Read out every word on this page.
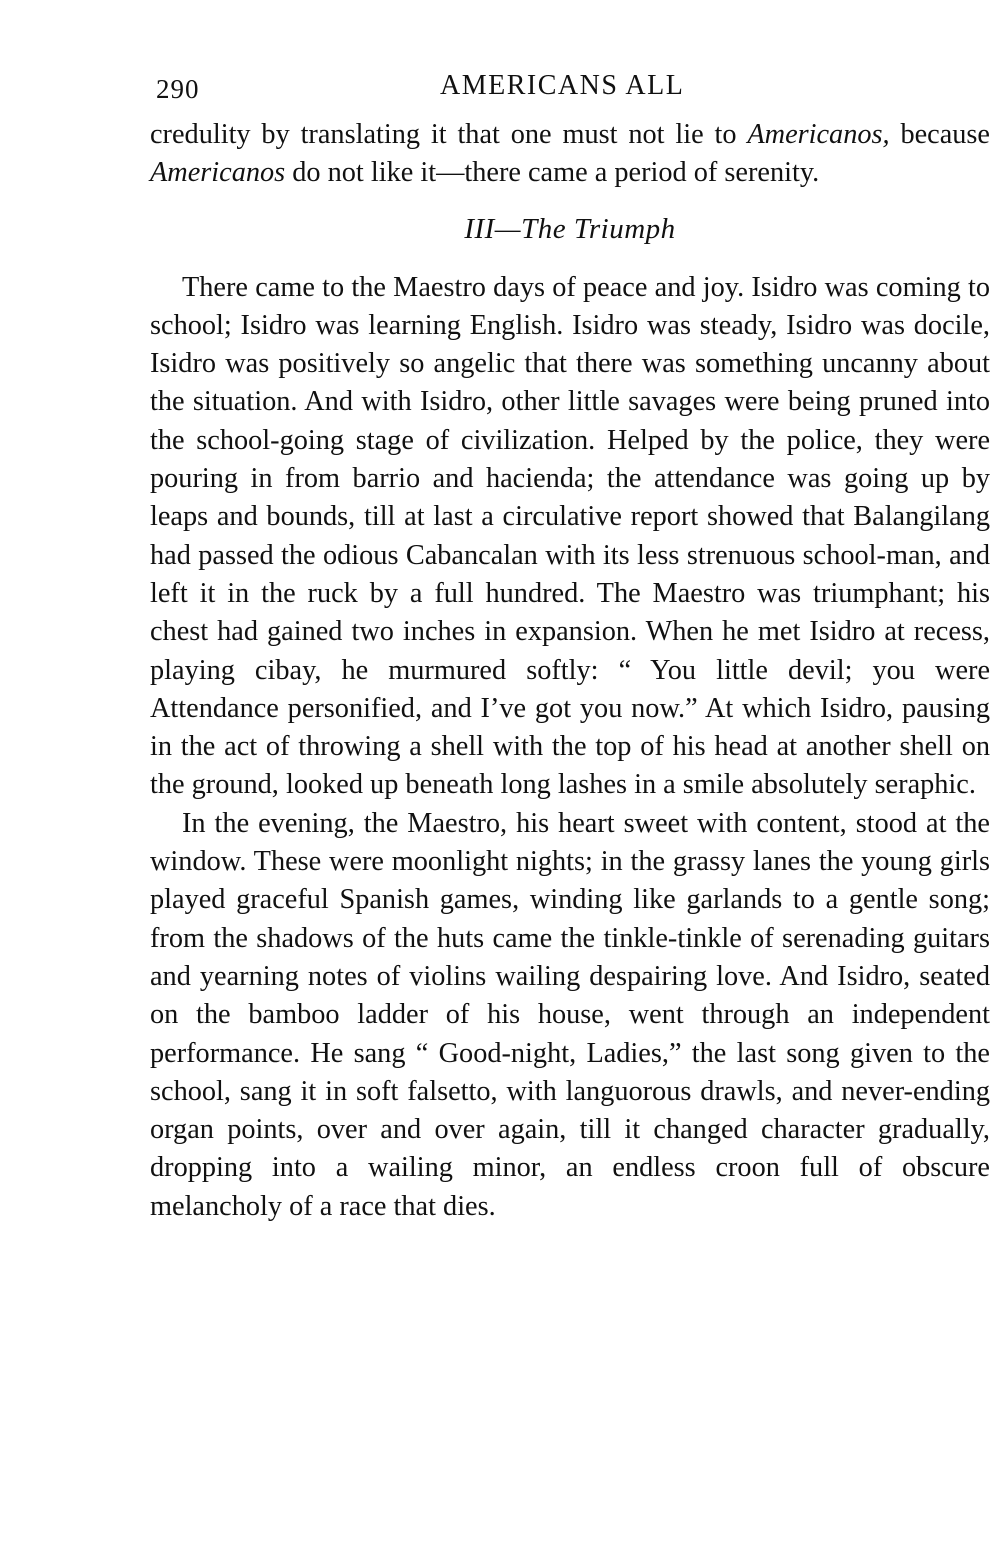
290	AMERICANS ALL

credulity by translating it that one must not lie to Americanos, because Americanos do not like it—there came a period of serenity.

III—The Triumph

There came to the Maestro days of peace and joy. Isidro was coming to school; Isidro was learning English. Isidro was steady, Isidro was docile, Isidro was positively so angelic that there was something uncanny about the situation. And with Isidro, other little savages were being pruned into the school-going stage of civilization. Helped by the police, they were pouring in from barrio and hacienda; the attendance was going up by leaps and bounds, till at last a circulative report showed that Balangilang had passed the odious Cabancalan with its less strenuous school-man, and left it in the ruck by a full hundred. The Maestro was triumphant; his chest had gained two inches in expansion. When he met Isidro at recess, playing cibay, he murmured softly: “ You little devil; you were Attendance personified, and I’ve got you now.” At which Isidro, pausing in the act of throwing a shell with the top of his head at another shell on the ground, looked up beneath long lashes in a smile absolutely seraphic.

In the evening, the Maestro, his heart sweet with content, stood at the window. These were moonlight nights; in the grassy lanes the young girls played graceful Spanish games, winding like garlands to a gentle song; from the shadows of the huts came the tinkle-tinkle of serenading guitars and yearning notes of violins wailing despairing love. And Isidro, seated on the bamboo ladder of his house, went through an independent performance. He sang “ Good-night, Ladies,” the last song given to the school, sang it in soft falsetto, with languorous drawls, and never-ending organ points, over and over again, till it changed character gradually, dropping into a wailing minor, an endless croon full of obscure melancholy of a race that dies.
